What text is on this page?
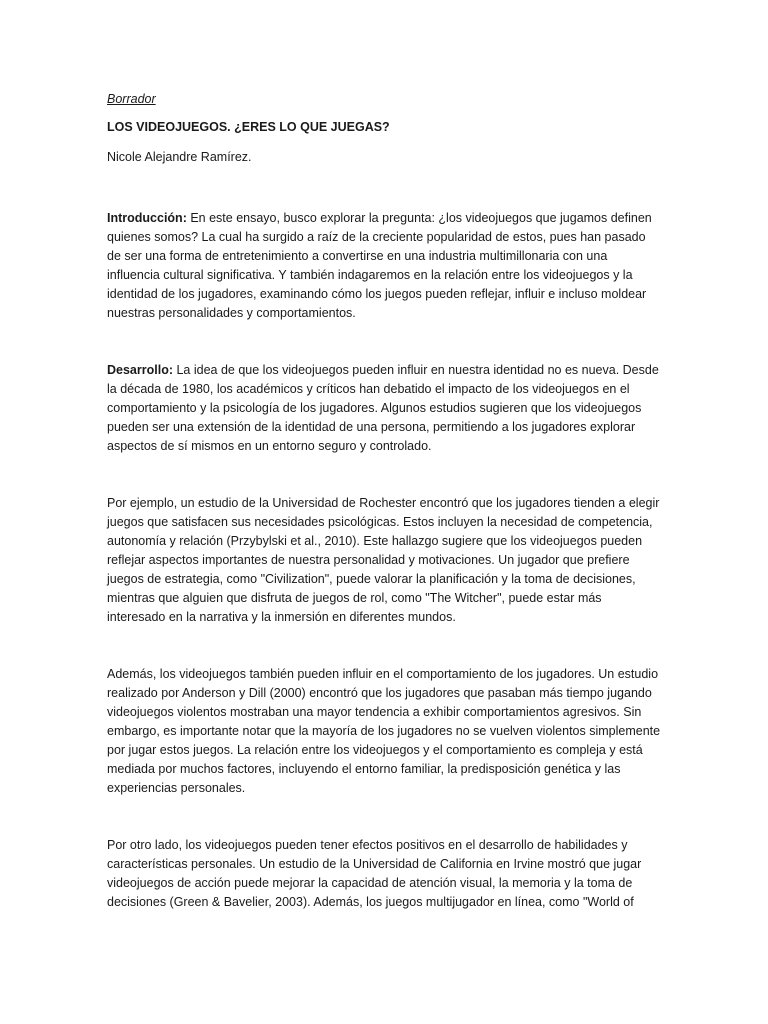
Borrador

LOS VIDEOJUEGOS. ¿ERES LO QUE JUEGAS?

Nicole Alejandre Ramírez.

Introducción: En este ensayo, busco explorar la pregunta: ¿los videojuegos que jugamos definen quienes somos? La cual ha surgido a raíz de la creciente popularidad de estos, pues han pasado de ser una forma de entretenimiento a convertirse en una industria multimillonaria con una influencia cultural significativa. Y también indagaremos en la relación entre los videojuegos y la identidad de los jugadores, examinando cómo los juegos pueden reflejar, influir e incluso moldear nuestras personalidades y comportamientos.

Desarrollo: La idea de que los videojuegos pueden influir en nuestra identidad no es nueva. Desde la década de 1980, los académicos y críticos han debatido el impacto de los videojuegos en el comportamiento y la psicología de los jugadores. Algunos estudios sugieren que los videojuegos pueden ser una extensión de la identidad de una persona, permitiendo a los jugadores explorar aspectos de sí mismos en un entorno seguro y controlado.

Por ejemplo, un estudio de la Universidad de Rochester encontró que los jugadores tienden a elegir juegos que satisfacen sus necesidades psicológicas. Estos incluyen la necesidad de competencia, autonomía y relación (Przybylski et al., 2010). Este hallazgo sugiere que los videojuegos pueden reflejar aspectos importantes de nuestra personalidad y motivaciones. Un jugador que prefiere juegos de estrategia, como "Civilization", puede valorar la planificación y la toma de decisiones, mientras que alguien que disfruta de juegos de rol, como "The Witcher", puede estar más interesado en la narrativa y la inmersión en diferentes mundos.

Además, los videojuegos también pueden influir en el comportamiento de los jugadores. Un estudio realizado por Anderson y Dill (2000) encontró que los jugadores que pasaban más tiempo jugando videojuegos violentos mostraban una mayor tendencia a exhibir comportamientos agresivos. Sin embargo, es importante notar que la mayoría de los jugadores no se vuelven violentos simplemente por jugar estos juegos. La relación entre los videojuegos y el comportamiento es compleja y está mediada por muchos factores, incluyendo el entorno familiar, la predisposición genética y las experiencias personales.

Por otro lado, los videojuegos pueden tener efectos positivos en el desarrollo de habilidades y características personales. Un estudio de la Universidad de California en Irvine mostró que jugar videojuegos de acción puede mejorar la capacidad de atención visual, la memoria y la toma de decisiones (Green & Bavelier, 2003). Además, los juegos multijugador en línea, como "World of
